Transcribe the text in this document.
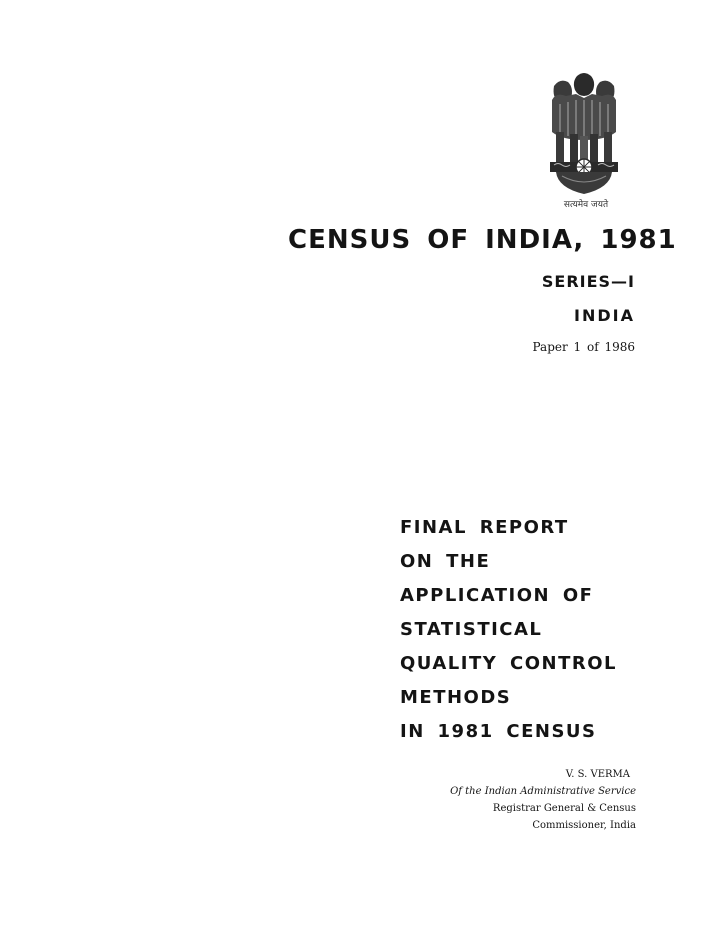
सत्यमेव जयते
CENSUS OF INDIA, 1981
SERIES—I
INDIA
Paper 1 of 1986
FINAL REPORT
ON THE
APPLICATION OF
STATISTICAL
QUALITY CONTROL
METHODS
IN 1981 CENSUS
V. S. VERMA
Of the Indian Administrative Service
Registrar General & Census
Commissioner, India
